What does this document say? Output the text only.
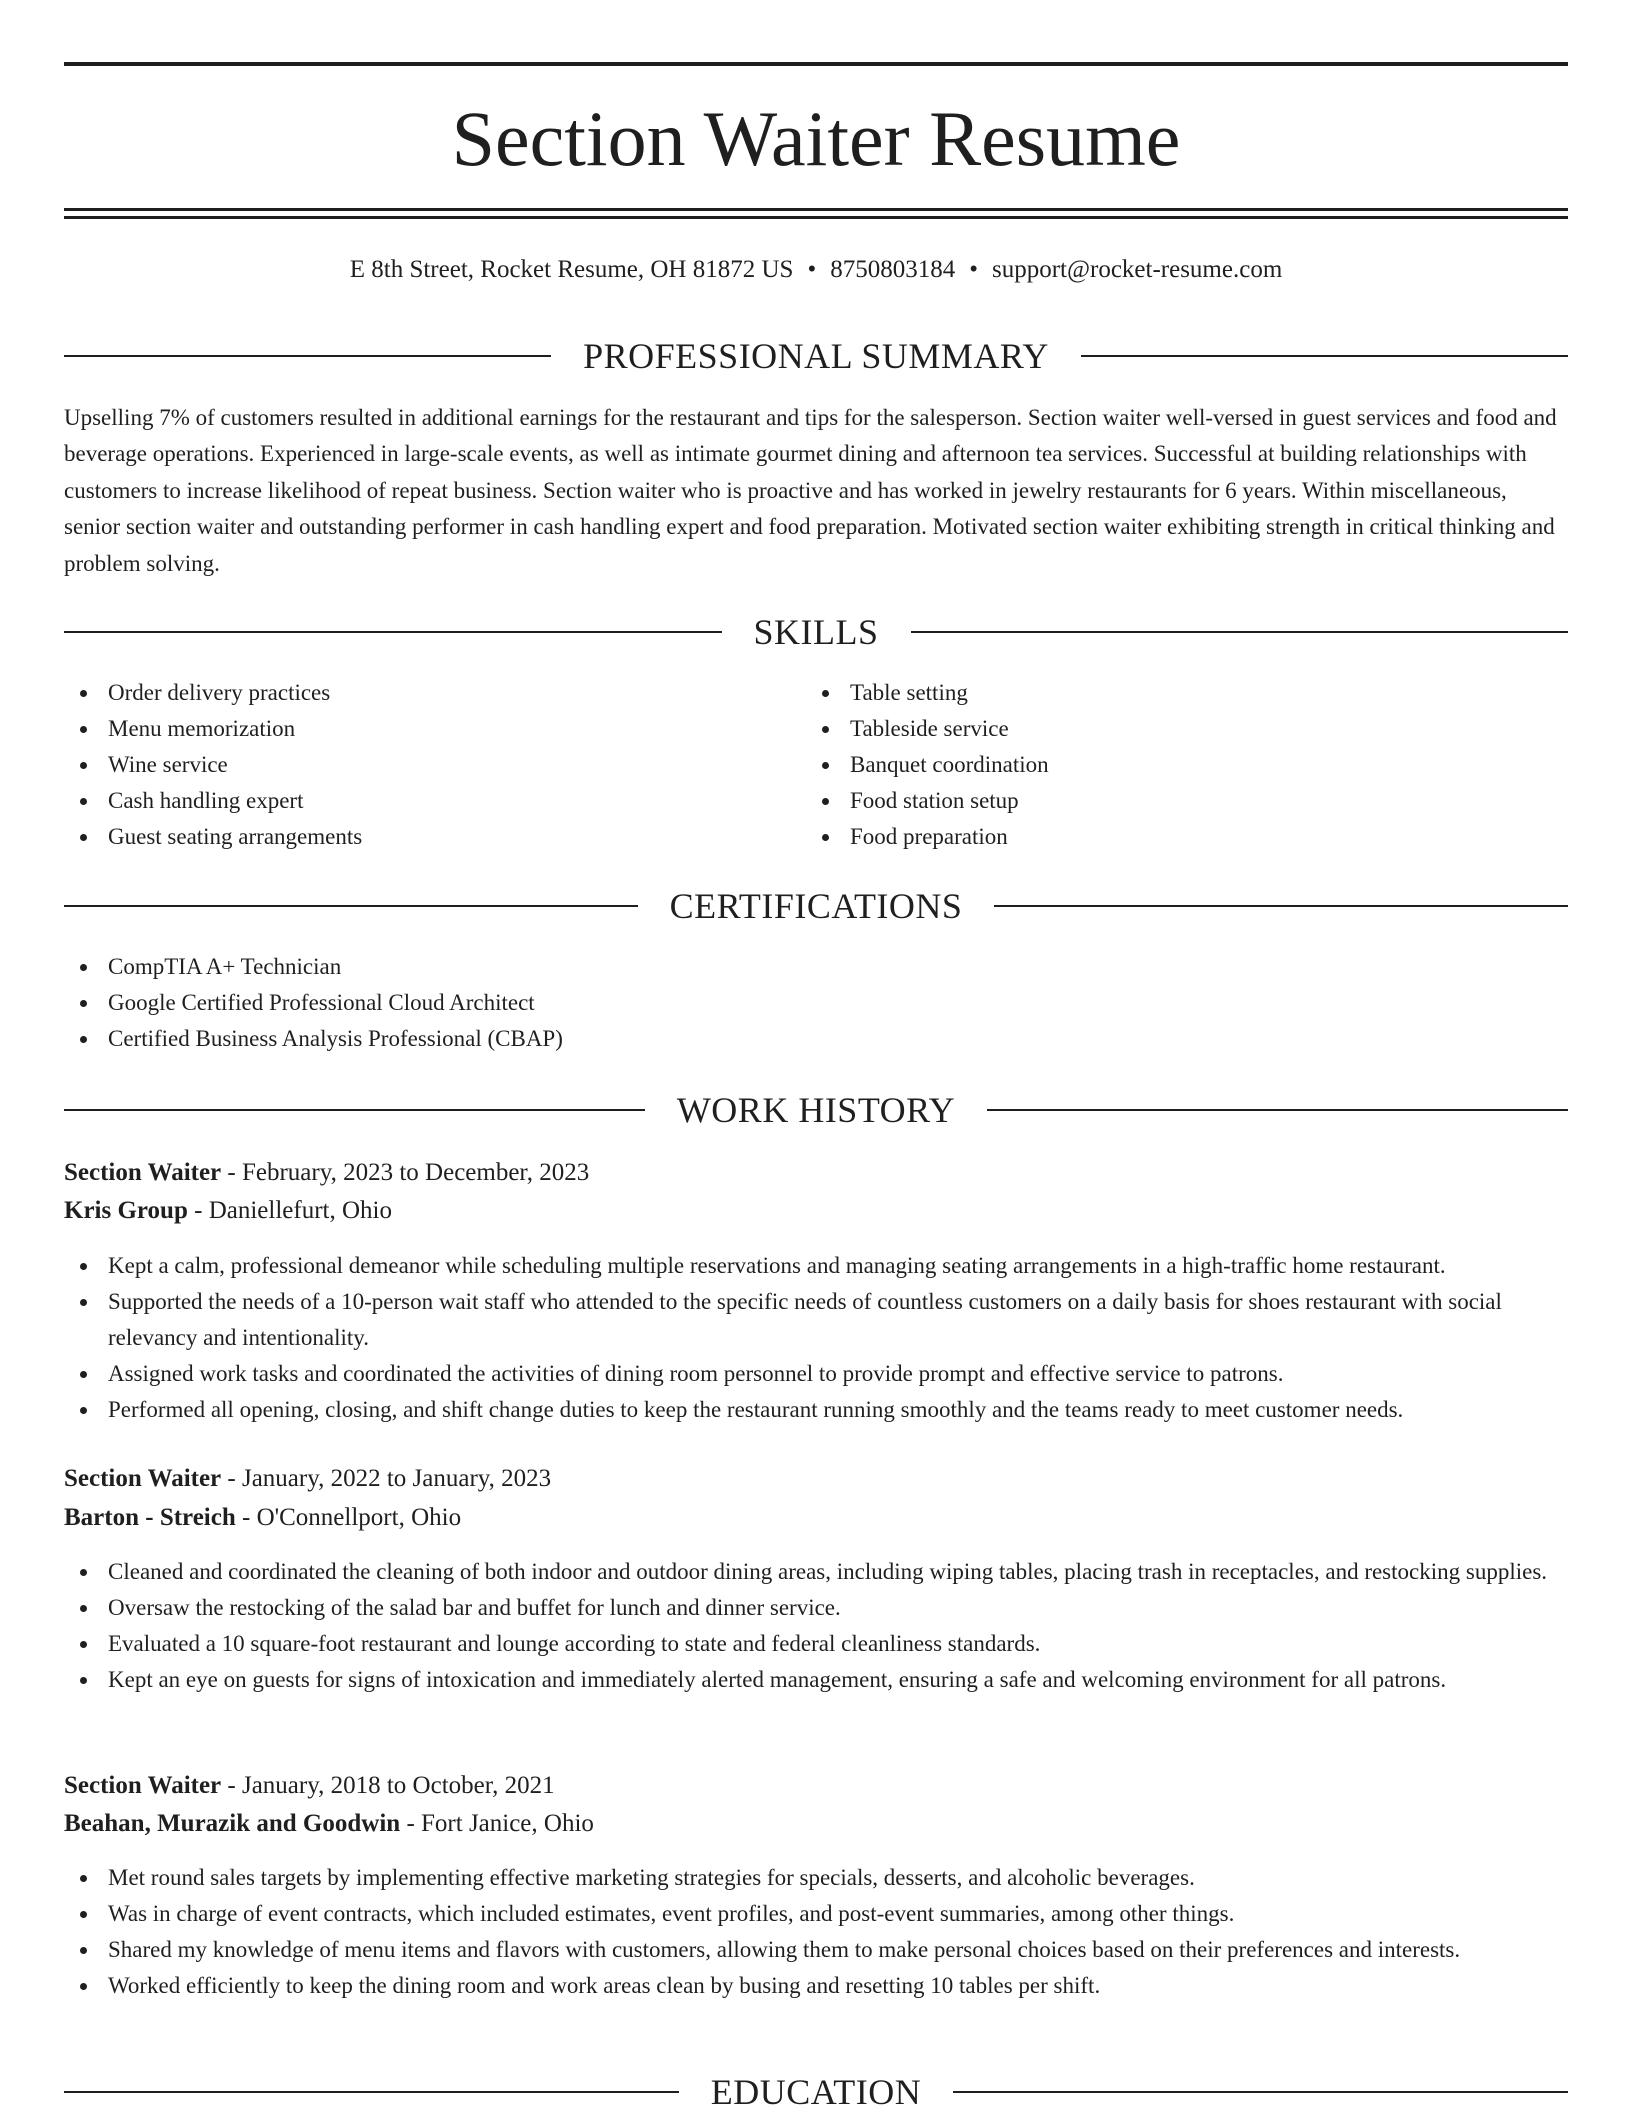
Section Waiter Resume
E 8th Street, Rocket Resume, OH 81872 US • 8750803184 • support@rocket-resume.com
PROFESSIONAL SUMMARY

Upselling 7% of customers resulted in additional earnings for the restaurant and tips for the salesperson. Section waiter well-versed in guest services and food and beverage operations. Experienced in large-scale events, as well as intimate gourmet dining and afternoon tea services. Successful at building relationships with customers to increase likelihood of repeat business. Section waiter who is proactive and has worked in jewelry restaurants for 6 years. Within miscellaneous, senior section waiter and outstanding performer in cash handling expert and food preparation. Motivated section waiter exhibiting strength in critical thinking and problem solving.

SKILLS
Order delivery practices
Menu memorization
Wine service
Cash handling expert
Guest seating arrangements
Table setting
Tableside service
Banquet coordination
Food station setup
Food preparation
CERTIFICATIONS
CompTIA A+ Technician
Google Certified Professional Cloud Architect
Certified Business Analysis Professional (CBAP)
WORK HISTORY
Section Waiter - February, 2023 to December, 2023
Kris Group - Daniellefurt, Ohio
Kept a calm, professional demeanor while scheduling multiple reservations and managing seating arrangements in a high-traffic home restaurant.
Supported the needs of a 10-person wait staff who attended to the specific needs of countless customers on a daily basis for shoes restaurant with social relevancy and intentionality.
Assigned work tasks and coordinated the activities of dining room personnel to provide prompt and effective service to patrons.
Performed all opening, closing, and shift change duties to keep the restaurant running smoothly and the teams ready to meet customer needs.
Section Waiter - January, 2022 to January, 2023
Barton - Streich - O'Connellport, Ohio
Cleaned and coordinated the cleaning of both indoor and outdoor dining areas, including wiping tables, placing trash in receptacles, and restocking supplies.
Oversaw the restocking of the salad bar and buffet for lunch and dinner service.
Evaluated a 10 square-foot restaurant and lounge according to state and federal cleanliness standards.
Kept an eye on guests for signs of intoxication and immediately alerted management, ensuring a safe and welcoming environment for all patrons.
Section Waiter - January, 2018 to October, 2021
Beahan, Murazik and Goodwin - Fort Janice, Ohio
Met round sales targets by implementing effective marketing strategies for specials, desserts, and alcoholic beverages.
Was in charge of event contracts, which included estimates, event profiles, and post-event summaries, among other things.
Shared my knowledge of menu items and flavors with customers, allowing them to make personal choices based on their preferences and interests.
Worked efficiently to keep the dining room and work areas clean by busing and resetting 10 tables per shift.
EDUCATION
